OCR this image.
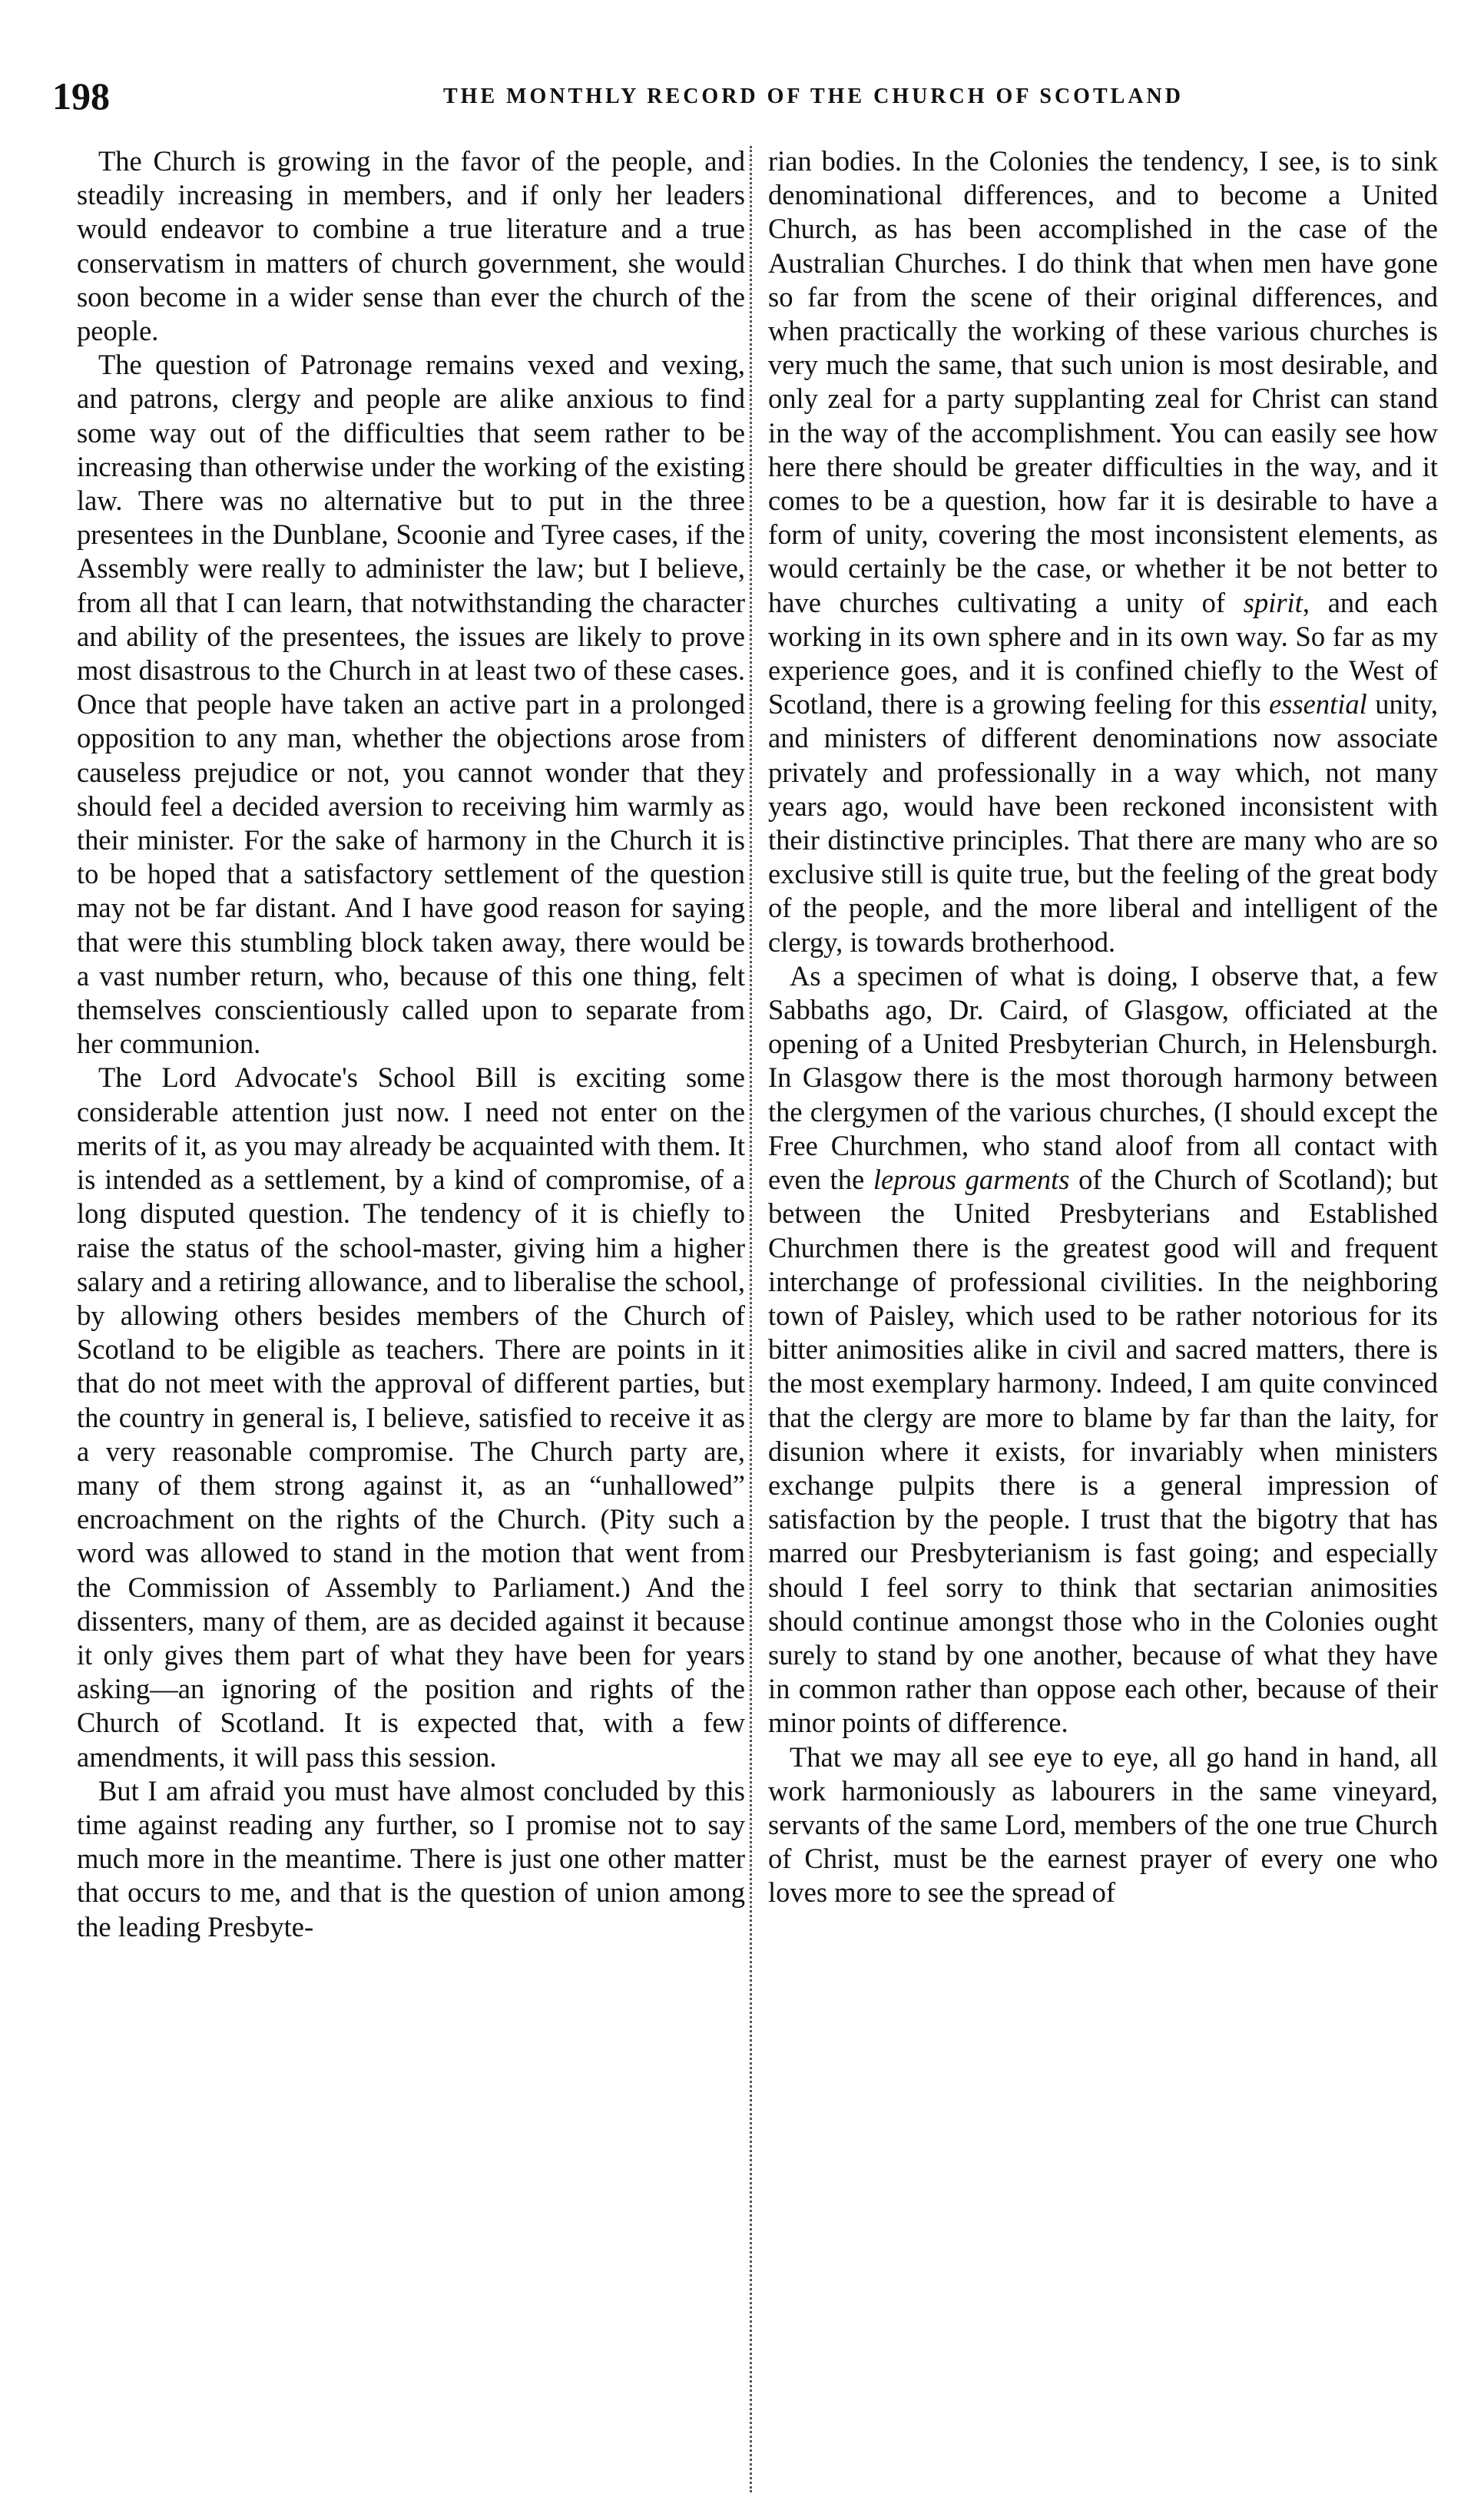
198	THE MONTHLY RECORD OF THE CHURCH OF SCOTLAND

The Church is growing in the favor of the people, and steadily increasing in members, and if only her leaders would endeavor to combine a true literature and a true conservatism in matters of church government, she would soon become in a wider sense than ever the church of the people.

The question of Patronage remains vexed and vexing, and patrons, clergy and people are alike anxious to find some way out of the difficulties that seem rather to be increasing than otherwise under the working of the existing law. There was no alternative but to put in the three presentees in the Dunblane, Scoonie and Tyree cases, if the Assembly were really to administer the law; but I believe, from all that I can learn, that notwithstanding the character and ability of the presentees, the issues are likely to prove most disastrous to the Church in at least two of these cases. Once that people have taken an active part in a prolonged opposition to any man, whether the objections arose from causeless prejudice or not, you cannot wonder that they should feel a decided aversion to receiving him warmly as their minister. For the sake of harmony in the Church it is to be hoped that a satisfactory settlement of the question may not be far distant. And I have good reason for saying that were this stumbling block taken away, there would be a vast number return, who, because of this one thing, felt themselves conscientiously called upon to separate from her communion.

The Lord Advocate's School Bill is exciting some considerable attention just now. I need not enter on the merits of it, as you may already be acquainted with them. It is intended as a settlement, by a kind of compromise, of a long disputed question. The tendency of it is chiefly to raise the status of the school-master, giving him a higher salary and a retiring allowance, and to liberalise the school, by allowing others besides members of the Church of Scotland to be eligible as teachers. There are points in it that do not meet with the approval of different parties, but the country in general is, I believe, satisfied to receive it as a very reasonable compromise. The Church party are, many of them strong against it, as an “unhallowed” encroachment on the rights of the Church. (Pity such a word was allowed to stand in the motion that went from the Commission of Assembly to Parliament.) And the dissenters, many of them, are as decided against it because it only gives them part of what they have been for years asking—an ignoring of the position and rights of the Church of Scotland. It is expected that, with a few amendments, it will pass this session.

But I am afraid you must have almost concluded by this time against reading any further, so I promise not to say much more in the meantime. There is just one other matter that occurs to me, and that is the question of union among the leading Presbyte-

rian bodies. In the Colonies the tendency, I see, is to sink denominational differences, and to become a United Church, as has been accomplished in the case of the Australian Churches. I do think that when men have gone so far from the scene of their original differences, and when practically the working of these various churches is very much the same, that such union is most desirable, and only zeal for a party supplanting zeal for Christ can stand in the way of the accomplishment. You can easily see how here there should be greater difficulties in the way, and it comes to be a question, how far it is desirable to have a form of unity, covering the most inconsistent elements, as would certainly be the case, or whether it be not better to have churches cultivating a unity of spirit, and each working in its own sphere and in its own way. So far as my experience goes, and it is confined chiefly to the West of Scotland, there is a growing feeling for this essential unity, and ministers of different denominations now associate privately and professionally in a way which, not many years ago, would have been reckoned inconsistent with their distinctive principles. That there are many who are so exclusive still is quite true, but the feeling of the great body of the people, and the more liberal and intelligent of the clergy, is towards brotherhood.

As a specimen of what is doing, I observe that, a few Sabbaths ago, Dr. Caird, of Glasgow, officiated at the opening of a United Presbyterian Church, in Helensburgh. In Glasgow there is the most thorough harmony between the clergymen of the various churches, (I should except the Free Churchmen, who stand aloof from all contact with even the leprous garments of the Church of Scotland); but between the United Presbyterians and Established Churchmen there is the greatest good will and frequent interchange of professional civilities. In the neighboring town of Paisley, which used to be rather notorious for its bitter animosities alike in civil and sacred matters, there is the most exemplary harmony. Indeed, I am quite convinced that the clergy are more to blame by far than the laity, for disunion where it exists, for invariably when ministers exchange pulpits there is a general impression of satisfaction by the people. I trust that the bigotry that has marred our Presbyterianism is fast going; and especially should I feel sorry to think that sectarian animosities should continue amongst those who in the Colonies ought surely to stand by one another, because of what they have in common rather than oppose each other, because of their minor points of difference.

That we may all see eye to eye, all go hand in hand, all work harmoniously as labourers in the same vineyard, servants of the same Lord, members of the one true Church of Christ, must be the earnest prayer of every one who loves more to see the spread of
